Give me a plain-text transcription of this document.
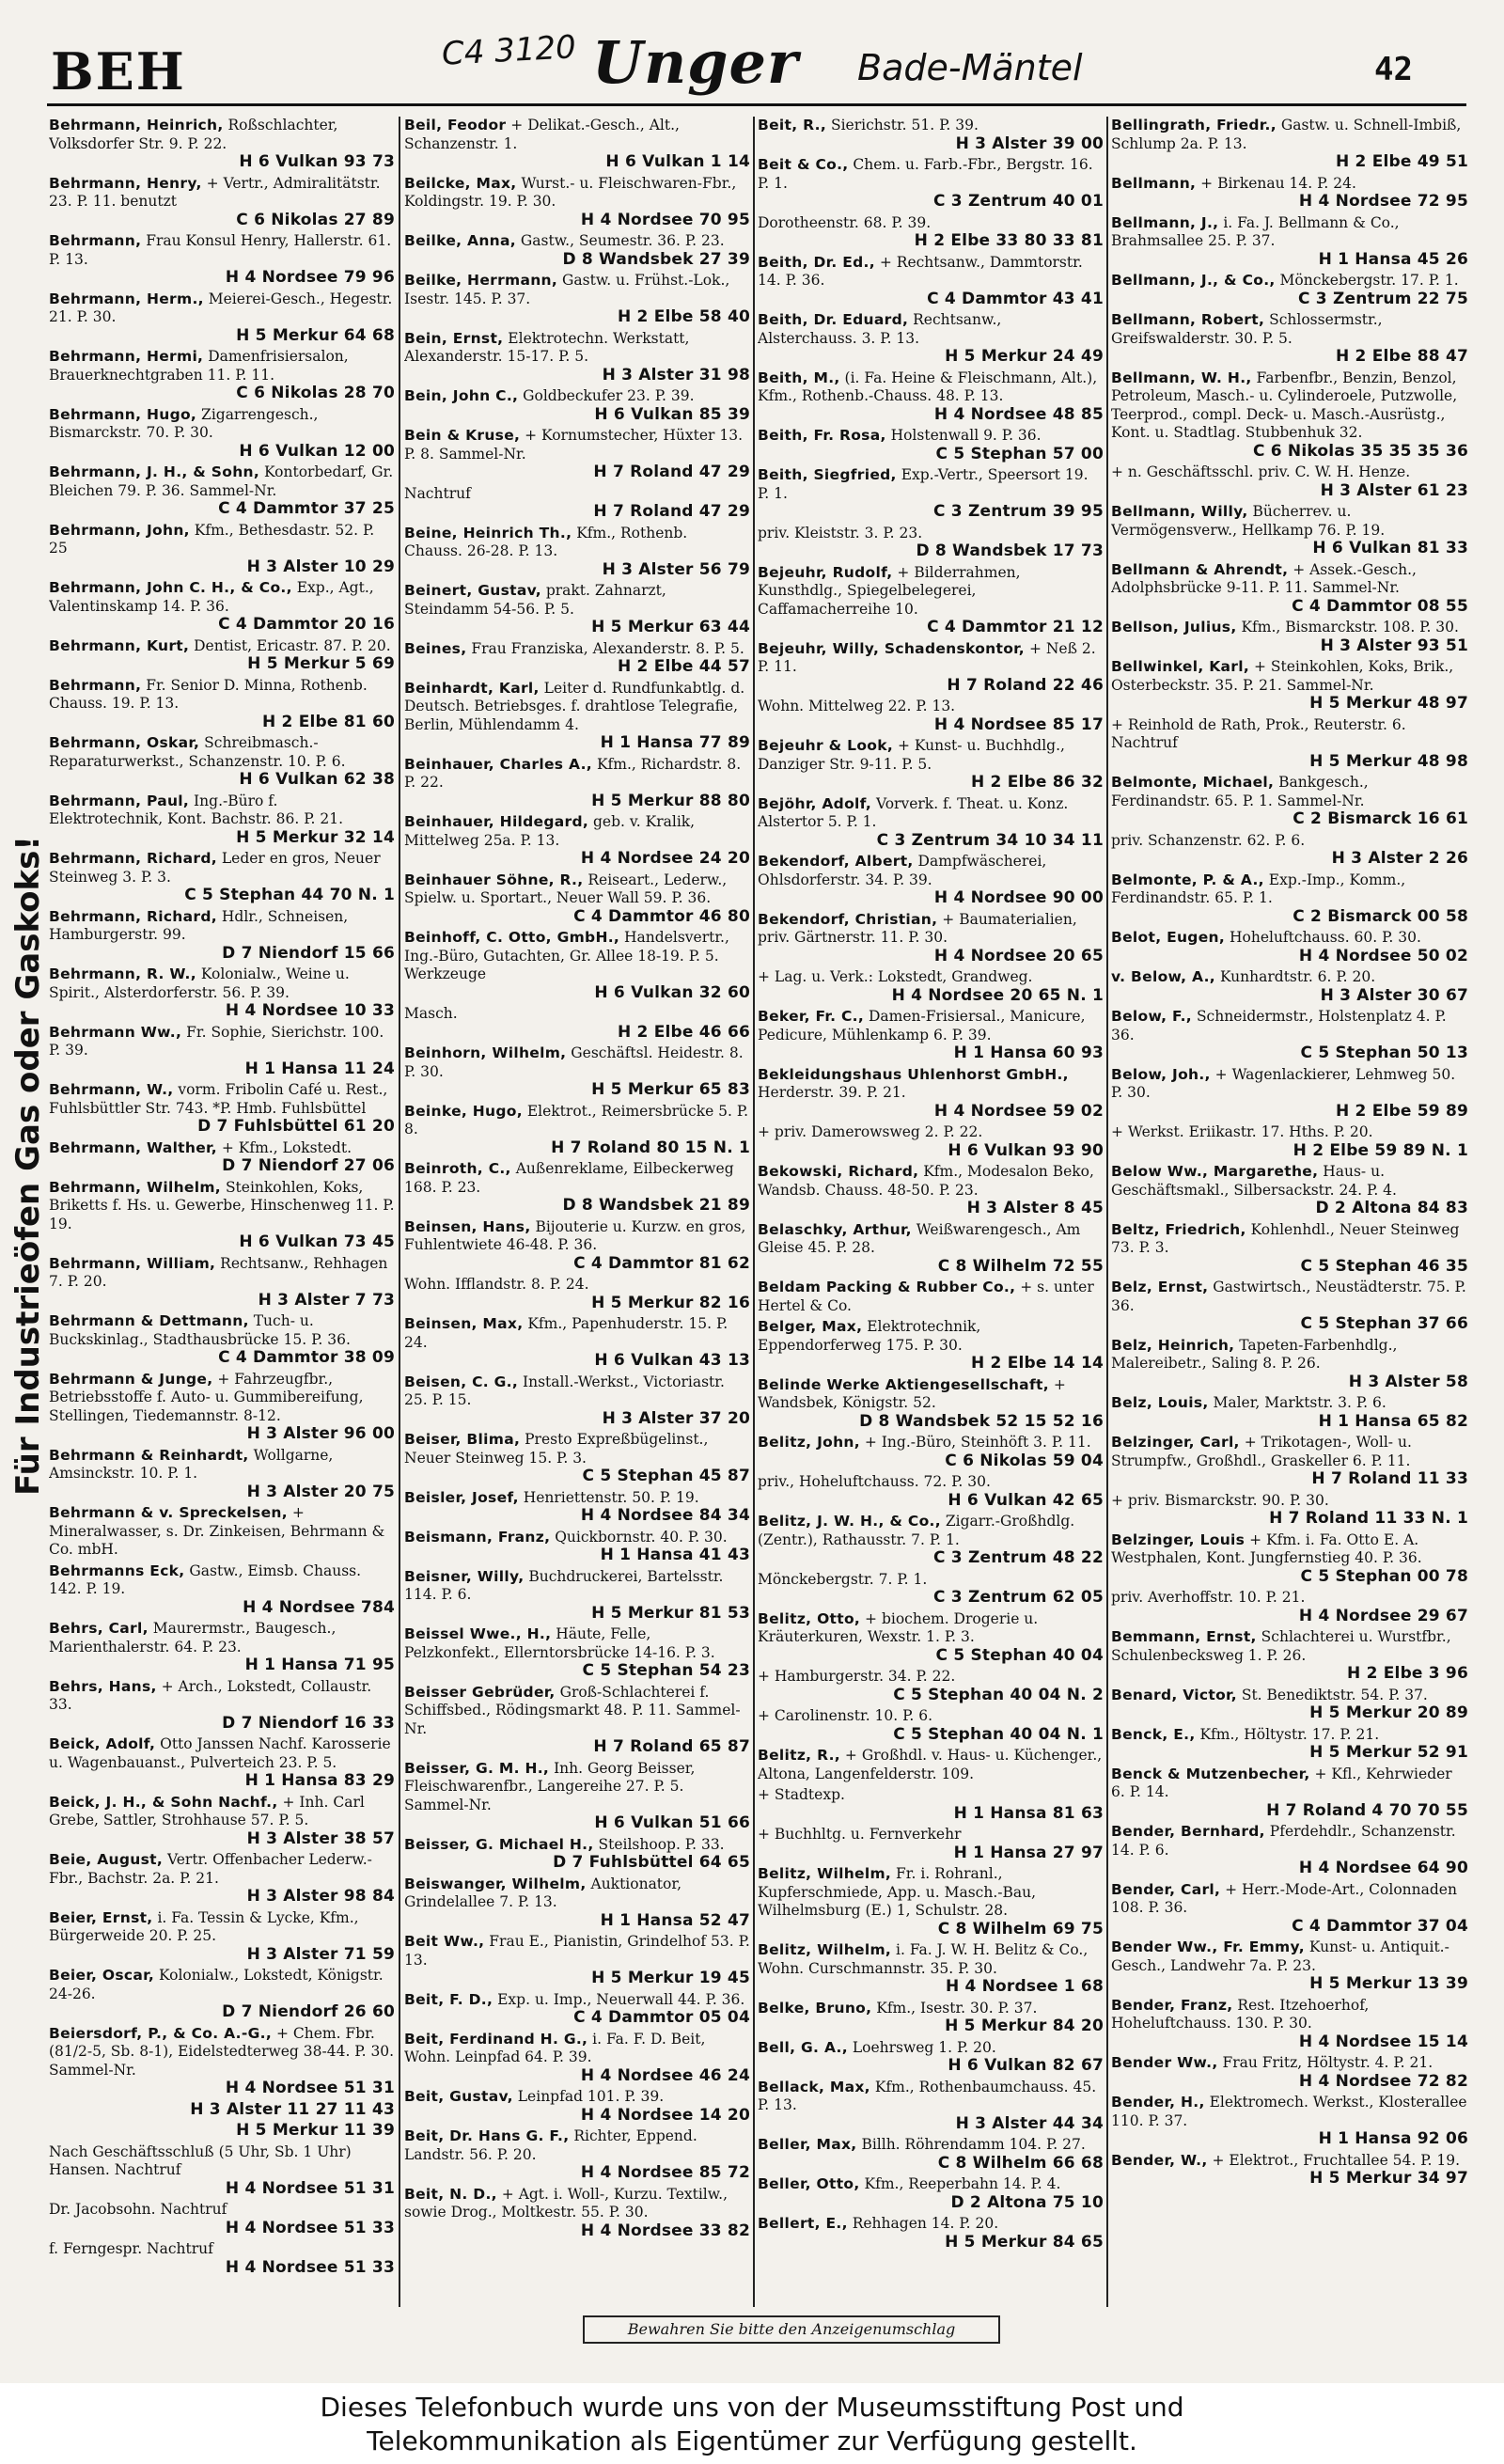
BEH	C4 3120 Unger Bade-Mäntel	42
Für Industrieöfen Gas oder Gaskoks!
Behrmann, Heinrich, Roßschlachter, Volksdorfer Str. 9. P. 22.
H 6 Vulkan 93 73
Behrmann, Henry, + Vertr., Admiralitätstr. 23. P. 11. benutzt
C 6 Nikolas 27 89
Behrmann, Frau Konsul Henry, Hallerstr. 61. P. 13.
H 4 Nordsee 79 96
Behrmann, Herm., Meierei-Gesch., Hegestr. 21. P. 30.
H 5 Merkur 64 68
Behrmann, Hermi, Damenfrisiersalon, Brauerknechtgraben 11. P. 11.
C 6 Nikolas 28 70
Behrmann, Hugo, Zigarrengesch., Bismarckstr. 70. P. 30.
H 6 Vulkan 12 00
Behrmann, J. H., & Sohn, Kontorbedarf, Gr. Bleichen 79. P. 36. Sammel-Nr.
C 4 Dammtor 37 25
Behrmann, John, Kfm., Bethesdastr. 52. P. 25
H 3 Alster 10 29
Behrmann, John C. H., & Co., Exp., Agt., Valentinskamp 14. P. 36.
C 4 Dammtor 20 16
Behrmann, Kurt, Dentist, Ericastr. 87. P. 20.
H 5 Merkur 5 69
Behrmann, Fr. Senior D. Minna, Rothenb. Chauss. 19. P. 13.
H 2 Elbe 81 60
Behrmann, Oskar, Schreibmasch.-Reparaturwerkst., Schanzenstr. 10. P. 6.
H 6 Vulkan 62 38
Behrmann, Paul, Ing.-Büro f. Elektrotechnik, Kont. Bachstr. 86. P. 21.
H 5 Merkur 32 14
Behrmann, Richard, Leder en gros, Neuer Steinweg 3. P. 3.
C 5 Stephan 44 70 N. 1
Behrmann, Richard, Hdlr., Schneisen, Hamburgerstr. 99.
D 7 Niendorf 15 66
Behrmann, R. W., Kolonialw., Weine u. Spirit., Alsterdorferstr. 56. P. 39.
H 4 Nordsee 10 33
Behrmann Ww., Fr. Sophie, Sierichstr. 100. P. 39.
H 1 Hansa 11 24
Behrmann, W., vorm. Fribolin Café u. Rest., Fuhlsbüttler Str. 743. *P. Hmb. Fuhlsbüttel
D 7 Fuhlsbüttel 61 20
Behrmann, Walther, + Kfm., Lokstedt.
D 7 Niendorf 27 06
Behrmann, Wilhelm, Steinkohlen, Koks, Briketts f. Hs. u. Gewerbe, Hinschenweg 11. P. 19.
H 6 Vulkan 73 45
Behrmann, William, Rechtsanw., Rehhagen 7. P. 20.
H 3 Alster 7 73
Behrmann & Dettmann, Tuch- u. Buckskinlag., Stadthausbrücke 15. P. 36.
C 4 Dammtor 38 09
Behrmann & Junge, + Fahrzeugfbr., Betriebsstoffe f. Auto- u. Gummibereifung, Stellingen, Tiedemannstr. 8-12.
H 3 Alster 96 00
Behrmann & Reinhardt, Wollgarne, Amsinckstr. 10. P. 1.
H 3 Alster 20 75
Behrmann & v. Spreckelsen, + Mineralwasser, s. Dr. Zinkeisen, Behrmann & Co. mbH.
Behrmanns Eck, Gastw., Eimsb. Chauss. 142. P. 19.
H 4 Nordsee 784
Behrs, Carl, Maurermstr., Baugesch., Marienthalerstr. 64. P. 23.
H 1 Hansa 71 95
Behrs, Hans, + Arch., Lokstedt, Collaustr. 33.
D 7 Niendorf 16 33
Beick, Adolf, Otto Janssen Nachf. Karosserie u. Wagenbauanst., Pulverteich 23. P. 5.
H 1 Hansa 83 29
Beick, J. H., & Sohn Nachf., + Inh. Carl Grebe, Sattler, Strohhause 57. P. 5.
H 3 Alster 38 57
Beie, August, Vertr. Offenbacher Lederw.-Fbr., Bachstr. 2a. P. 21.
H 3 Alster 98 84
Beier, Ernst, i. Fa. Tessin & Lycke, Kfm., Bürgerweide 20. P. 25.
H 3 Alster 71 59
Beier, Oscar, Kolonialw., Lokstedt, Königstr. 24-26.
D 7 Niendorf 26 60
Beiersdorf, P., & Co. A.-G., + Chem. Fbr. (81/2-5, Sb. 8-1), Eidelstedterweg 38-44. P. 30. Sammel-Nr.
H 4 Nordsee 51 31
H 3 Alster 11 27 11 43
H 5 Merkur 11 39
Nach Geschäftsschluß (5 Uhr, Sb. 1 Uhr) Hansen. Nachtruf
H 4 Nordsee 51 31
Dr. Jacobsohn. Nachtruf
H 4 Nordsee 51 33
f. Ferngespr. Nachtruf
H 4 Nordsee 51 33
Beil, Feodor + Delikat.-Gesch., Alt., Schanzenstr. 1.
H 6 Vulkan 1 14
Beilcke, Max, Wurst.- u. Fleischwaren-Fbr., Koldingstr. 19. P. 30.
H 4 Nordsee 70 95
Beilke, Anna, Gastw., Seumestr. 36. P. 23.
D 8 Wandsbek 27 39
Beilke, Herrmann, Gastw. u. Frühst.-Lok., Isestr. 145. P. 37.
H 2 Elbe 58 40
Bein, Ernst, Elektrotechn. Werkstatt, Alexanderstr. 15-17. P. 5.
H 3 Alster 31 98
Bein, John C., Goldbeckufer 23. P. 39.
H 6 Vulkan 85 39
Bein & Kruse, + Kornumstecher, Hüxter 13. P. 8. Sammel-Nr.
H 7 Roland 47 29
Nachtruf
H 7 Roland 47 29
Beine, Heinrich Th., Kfm., Rothenb. Chauss. 26-28. P. 13.
H 3 Alster 56 79
Beinert, Gustav, prakt. Zahnarzt, Steindamm 54-56. P. 5.
H 5 Merkur 63 44
Beines, Frau Franziska, Alexanderstr. 8. P. 5.
H 2 Elbe 44 57
Beinhardt, Karl, Leiter d. Rundfunkabtlg. d. Deutsch. Betriebsges. f. drahtlose Telegrafie, Berlin, Mühlendamm 4.
H 1 Hansa 77 89
Beinhauer, Charles A., Kfm., Richardstr. 8. P. 22.
H 5 Merkur 88 80
Beinhauer, Hildegard, geb. v. Kralik, Mittelweg 25a. P. 13.
H 4 Nordsee 24 20
Beinhauer Söhne, R., Reiseart., Lederw., Spielw. u. Sportart., Neuer Wall 59. P. 36.
C 4 Dammtor 46 80
Beinhoff, C. Otto, GmbH., Handelsvertr., Ing.-Büro, Gutachten, Gr. Allee 18-19. P. 5. Werkzeuge
H 6 Vulkan 32 60
Masch.
H 2 Elbe 46 66
Beinhorn, Wilhelm, Geschäftsl. Heidestr. 8. P. 30.
H 5 Merkur 65 83
Beinke, Hugo, Elektrot., Reimersbrücke 5. P. 8.
H 7 Roland 80 15 N. 1
Beinroth, C., Außenreklame, Eilbeckerweg 168. P. 23.
D 8 Wandsbek 21 89
Beinsen, Hans, Bijouterie u. Kurzw. en gros, Fuhlentwiete 46-48. P. 36.
C 4 Dammtor 81 62
Wohn. Ifflandstr. 8. P. 24.
H 5 Merkur 82 16
Beinsen, Max, Kfm., Papenhuderstr. 15. P. 24.
H 6 Vulkan 43 13
Beisen, C. G., Install.-Werkst., Victoriastr. 25. P. 15.
H 3 Alster 37 20
Beiser, Blima, Presto Expreßbügelinst., Neuer Steinweg 15. P. 3.
C 5 Stephan 45 87
Beisler, Josef, Henriettenstr. 50. P. 19.
H 4 Nordsee 84 34
Beismann, Franz, Quickbornstr. 40. P. 30.
H 1 Hansa 41 43
Beisner, Willy, Buchdruckerei, Bartelsstr. 114. P. 6.
H 5 Merkur 81 53
Beissel Wwe., H., Häute, Felle, Pelzkonfekt., Ellerntorsbrücke 14-16. P. 3.
C 5 Stephan 54 23
Beisser Gebrüder, Groß-Schlachterei f. Schiffsbed., Rödingsmarkt 48. P. 11. Sammel-Nr.
H 7 Roland 65 87
Beisser, G. M. H., Inh. Georg Beisser, Fleischwarenfbr., Langereihe 27. P. 5. Sammel-Nr.
H 6 Vulkan 51 66
Beisser, G. Michael H., Steilshoop. P. 33.
D 7 Fuhlsbüttel 64 65
Beiswanger, Wilhelm, Auktionator, Grindelallee 7. P. 13.
H 1 Hansa 52 47
Beit Ww., Frau E., Pianistin, Grindelhof 53. P. 13.
H 5 Merkur 19 45
Beit, F. D., Exp. u. Imp., Neuerwall 44. P. 36.
C 4 Dammtor 05 04
Beit, Ferdinand H. G., i. Fa. F. D. Beit, Wohn. Leinpfad 64. P. 39.
H 4 Nordsee 46 24
Beit, Gustav, Leinpfad 101. P. 39.
H 4 Nordsee 14 20
Beit, Dr. Hans G. F., Richter, Eppend. Landstr. 56. P. 20.
H 4 Nordsee 85 72
Beit, N. D., + Agt. i. Woll-, Kurzu. Textilw., sowie Drog., Moltkestr. 55. P. 30.
H 4 Nordsee 33 82
Beit, R., Sierichstr. 51. P. 39.
H 3 Alster 39 00
Beit & Co., Chem. u. Farb.-Fbr., Bergstr. 16. P. 1.
C 3 Zentrum 40 01
Dorotheenstr. 68. P. 39.
H 2 Elbe 33 80 33 81
Beith, Dr. Ed., + Rechtsanw., Dammtorstr. 14. P. 36.
C 4 Dammtor 43 41
Beith, Dr. Eduard, Rechtsanw., Alsterchauss. 3. P. 13.
H 5 Merkur 24 49
Beith, M., (i. Fa. Heine & Fleischmann, Alt.), Kfm., Rothenb.-Chauss. 48. P. 13.
H 4 Nordsee 48 85
Beith, Fr. Rosa, Holstenwall 9. P. 36.
C 5 Stephan 57 00
Beith, Siegfried, Exp.-Vertr., Speersort 19. P. 1.
C 3 Zentrum 39 95
priv. Kleiststr. 3. P. 23.
D 8 Wandsbek 17 73
Bejeuhr, Rudolf, + Bilderrahmen, Kunsthdlg., Spiegelbelegerei, Caffamacherreihe 10.
C 4 Dammtor 21 12
Bejeuhr, Willy, Schadenskontor, + Neß 2. P. 11.
H 7 Roland 22 46
Wohn. Mittelweg 22. P. 13.
H 4 Nordsee 85 17
Bejeuhr & Look, + Kunst- u. Buchhdlg., Danziger Str. 9-11. P. 5.
H 2 Elbe 86 32
Bejöhr, Adolf, Vorverk. f. Theat. u. Konz. Alstertor 5. P. 1.
C 3 Zentrum 34 10 34 11
Bekendorf, Albert, Dampfwäscherei, Ohlsdorferstr. 34. P. 39.
H 4 Nordsee 90 00
Bekendorf, Christian, + Baumaterialien, priv. Gärtnerstr. 11. P. 30.
H 4 Nordsee 20 65
+ Lag. u. Verk.: Lokstedt, Grandweg.
H 4 Nordsee 20 65 N. 1
Beker, Fr. C., Damen-Frisiersal., Manicure, Pedicure, Mühlenkamp 6. P. 39.
H 1 Hansa 60 93
Bekleidungshaus Uhlenhorst GmbH., Herderstr. 39. P. 21.
H 4 Nordsee 59 02
+ priv. Damerowsweg 2. P. 22.
H 6 Vulkan 93 90
Bekowski, Richard, Kfm., Modesalon Beko, Wandsb. Chauss. 48-50. P. 23.
H 3 Alster 8 45
Belaschky, Arthur, Weißwarengesch., Am Gleise 45. P. 28.
C 8 Wilhelm 72 55
Beldam Packing & Rubber Co., + s. unter Hertel & Co.
Belger, Max, Elektrotechnik, Eppendorferweg 175. P. 30.
H 2 Elbe 14 14
Belinde Werke Aktiengesellschaft, + Wandsbek, Königstr. 52.
D 8 Wandsbek 52 15 52 16
Belitz, John, + Ing.-Büro, Steinhöft 3. P. 11.
C 6 Nikolas 59 04
priv., Hoheluftchauss. 72. P. 30.
H 6 Vulkan 42 65
Belitz, J. W. H., & Co., Zigarr.-Großhdlg. (Zentr.), Rathausstr. 7. P. 1.
C 3 Zentrum 48 22
Mönckebergstr. 7. P. 1.
C 3 Zentrum 62 05
Belitz, Otto, + biochem. Drogerie u. Kräuterkuren, Wexstr. 1. P. 3.
C 5 Stephan 40 04
+ Hamburgerstr. 34. P. 22.
C 5 Stephan 40 04 N. 2
+ Carolinenstr. 10. P. 6.
C 5 Stephan 40 04 N. 1
Belitz, R., + Großhdl. v. Haus- u. Küchenger., Altona, Langenfelderstr. 109.
+ Stadtexp.
H 1 Hansa 81 63
+ Buchhltg. u. Fernverkehr
H 1 Hansa 27 97
Belitz, Wilhelm, Fr. i. Rohranl., Kupferschmiede, App. u. Masch.-Bau, Wilhelmsburg (E.) 1, Schulstr. 28.
C 8 Wilhelm 69 75
Belitz, Wilhelm, i. Fa. J. W. H. Belitz & Co., Wohn. Curschmannstr. 35. P. 30.
H 4 Nordsee 1 68
Belke, Bruno, Kfm., Isestr. 30. P. 37.
H 5 Merkur 84 20
Bell, G. A., Loehrsweg 1. P. 20.
H 6 Vulkan 82 67
Bellack, Max, Kfm., Rothenbaumchauss. 45. P. 13.
H 3 Alster 44 34
Beller, Max, Billh. Röhrendamm 104. P. 27.
C 8 Wilhelm 66 68
Beller, Otto, Kfm., Reeperbahn 14. P. 4.
D 2 Altona 75 10
Bellert, E., Rehhagen 14. P. 20.
H 5 Merkur 84 65
Bellingrath, Friedr., Gastw. u. Schnell-Imbiß, Schlump 2a. P. 13.
H 2 Elbe 49 51
Bellmann, + Birkenau 14. P. 24.
H 4 Nordsee 72 95
Bellmann, J., i. Fa. J. Bellmann & Co., Brahmsallee 25. P. 37.
H 1 Hansa 45 26
Bellmann, J., & Co., Mönckebergstr. 17. P. 1.
C 3 Zentrum 22 75
Bellmann, Robert, Schlossermstr., Greifswalderstr. 30. P. 5.
H 2 Elbe 88 47
Bellmann, W. H., Farbenfbr., Benzin, Benzol, Petroleum, Masch.- u. Cylinderoele, Putzwolle, Teerprod., compl. Deck- u. Masch.-Ausrüstg., Kont. u. Stadtlag. Stubbenhuk 32.
C 6 Nikolas 35 35 35 36
+ n. Geschäftsschl. priv. C. W. H. Henze.
H 3 Alster 61 23
Bellmann, Willy, Bücherrev. u. Vermögensverw., Hellkamp 76. P. 19.
H 6 Vulkan 81 33
Bellmann & Ahrendt, + Assek.-Gesch., Adolphsbrücke 9-11. P. 11. Sammel-Nr.
C 4 Dammtor 08 55
Bellson, Julius, Kfm., Bismarckstr. 108. P. 30.
H 3 Alster 93 51
Bellwinkel, Karl, + Steinkohlen, Koks, Brik., Osterbeckstr. 35. P. 21. Sammel-Nr.
H 5 Merkur 48 97
+ Reinhold de Rath, Prok., Reuterstr. 6. Nachtruf
H 5 Merkur 48 98
Belmonte, Michael, Bankgesch., Ferdinandstr. 65. P. 1. Sammel-Nr.
C 2 Bismarck 16 61
priv. Schanzenstr. 62. P. 6.
H 3 Alster 2 26
Belmonte, P. & A., Exp.-Imp., Komm., Ferdinandstr. 65. P. 1.
C 2 Bismarck 00 58
Belot, Eugen, Hoheluftchauss. 60. P. 30.
H 4 Nordsee 50 02
v. Below, A., Kunhardtstr. 6. P. 20.
H 3 Alster 30 67
Below, F., Schneidermstr., Holstenplatz 4. P. 36.
C 5 Stephan 50 13
Below, Joh., + Wagenlackierer, Lehmweg 50. P. 30.
H 2 Elbe 59 89
+ Werkst. Eriikastr. 17. Hths. P. 20.
H 2 Elbe 59 89 N. 1
Below Ww., Margarethe, Haus- u. Geschäftsmakl., Silbersackstr. 24. P. 4.
D 2 Altona 84 83
Beltz, Friedrich, Kohlenhdl., Neuer Steinweg 73. P. 3.
C 5 Stephan 46 35
Belz, Ernst, Gastwirtsch., Neustädterstr. 75. P. 36.
C 5 Stephan 37 66
Belz, Heinrich, Tapeten-Farbenhdlg., Malereibetr., Saling 8. P. 26.
H 3 Alster 58
Belz, Louis, Maler, Marktstr. 3. P. 6.
H 1 Hansa 65 82
Belzinger, Carl, + Trikotagen-, Woll- u. Strumpfw., Großhdl., Graskeller 6. P. 11.
H 7 Roland 11 33
+ priv. Bismarckstr. 90. P. 30.
H 7 Roland 11 33 N. 1
Belzinger, Louis + Kfm. i. Fa. Otto E. A. Westphalen, Kont. Jungfernstieg 40. P. 36.
C 5 Stephan 00 78
priv. Averhoffstr. 10. P. 21.
H 4 Nordsee 29 67
Bemmann, Ernst, Schlachterei u. Wurstfbr., Schulenbecksweg 1. P. 26.
H 2 Elbe 3 96
Benard, Victor, St. Benediktstr. 54. P. 37.
H 5 Merkur 20 89
Benck, E., Kfm., Höltystr. 17. P. 21.
H 5 Merkur 52 91
Benck & Mutzenbecher, + Kfl., Kehrwieder 6. P. 14.
H 7 Roland 4 70 70 55
Bender, Bernhard, Pferdehdlr., Schanzenstr. 14. P. 6.
H 4 Nordsee 64 90
Bender, Carl, + Herr.-Mode-Art., Colonnaden 108. P. 36.
C 4 Dammtor 37 04
Bender Ww., Fr. Emmy, Kunst- u. Antiquit.-Gesch., Landwehr 7a. P. 23.
H 5 Merkur 13 39
Bender, Franz, Rest. Itzehoerhof, Hoheluftchauss. 130. P. 30.
H 4 Nordsee 15 14
Bender Ww., Frau Fritz, Höltystr. 4. P. 21.
H 4 Nordsee 72 82
Bender, H., Elektromech. Werkst., Klosterallee 110. P. 37.
H 1 Hansa 92 06
Bender, W., + Elektrot., Fruchtallee 54. P. 19.
H 5 Merkur 34 97
Bewahren Sie bitte den Anzeigenumschlag
Dieses Telefonbuch wurde uns von der Museumsstiftung Post und
Telekommunikation als Eigentümer zur Verfügung gestellt.
